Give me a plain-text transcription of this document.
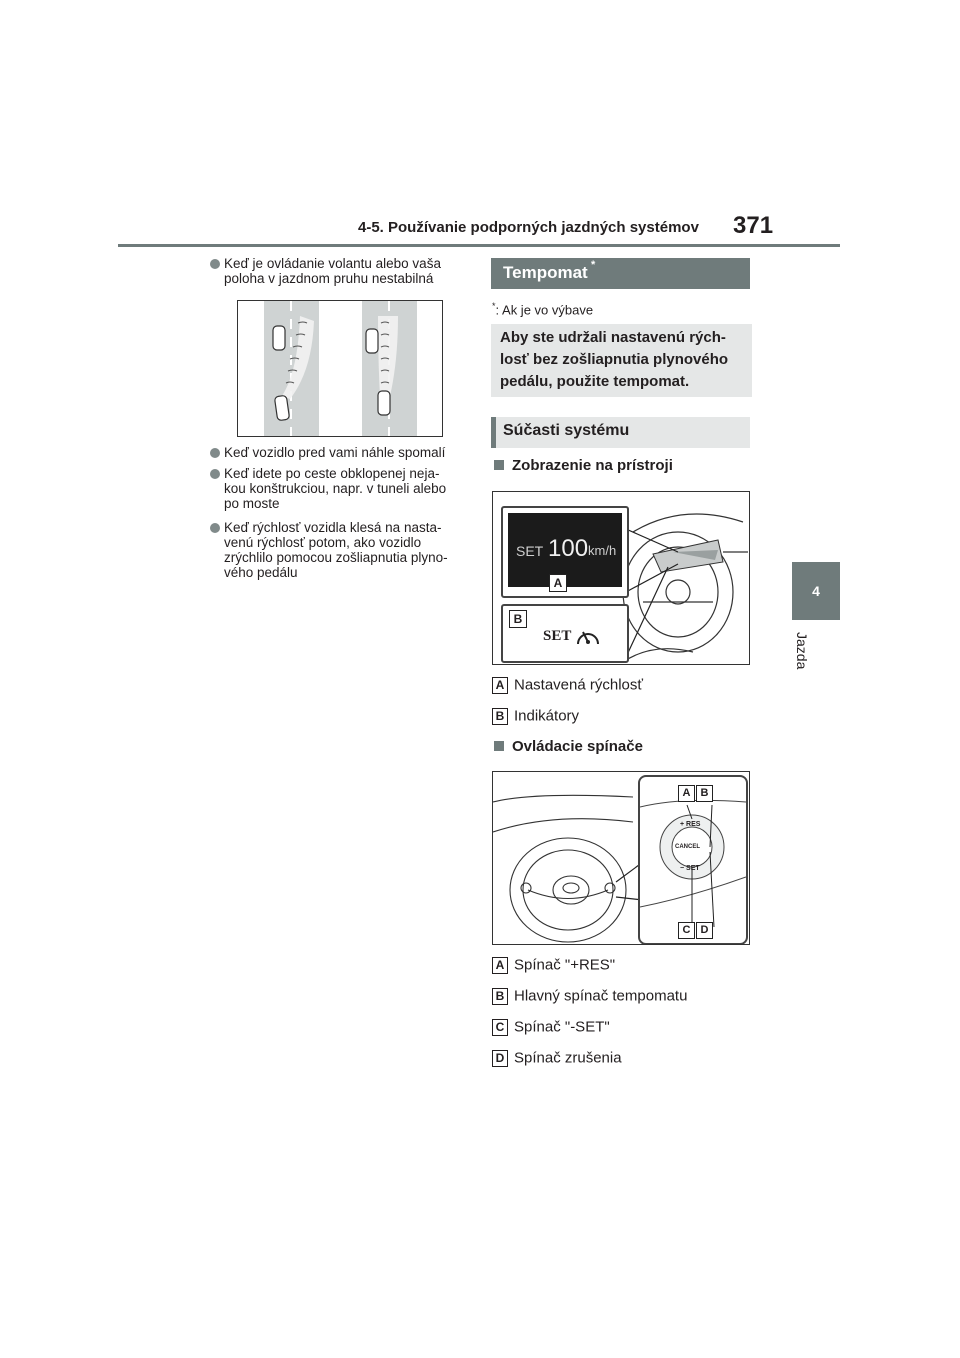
4-5. Používanie podporných jazdných systémov 371
4
Jazda
Keď je ovládanie volantu alebo vaša poloha v jazdnom pruhu nestabilná
Keď vozidlo pred vami náhle spomalí
Keď idete po ceste obklopenej neja-
kou konštrukciou, napr. v tuneli alebo
po moste
Keď rýchlosť vozidla klesá na nasta-
venú rýchlosť potom, ako vozidlo
zrýchlilo pomocou zošliapnutia plyno-
vého pedálu
Tempomat *
*: Ak je vo výbave
Aby ste udržali nastavenú rých-
losť bez zošliapnutia plynového
pedálu, použite tempomat.
Súčasti systému
Zobrazenie na prístroji
SET 100 km/h
A
B
SET
A Nastavená rýchlosť
B Indikátory
Ovládacie spínače
+ RES
CANCEL
− SET
A B
C D
A Spínač "+RES"
B Hlavný spínač tempomatu
C Spínač "-SET"
D Spínač zrušenia
